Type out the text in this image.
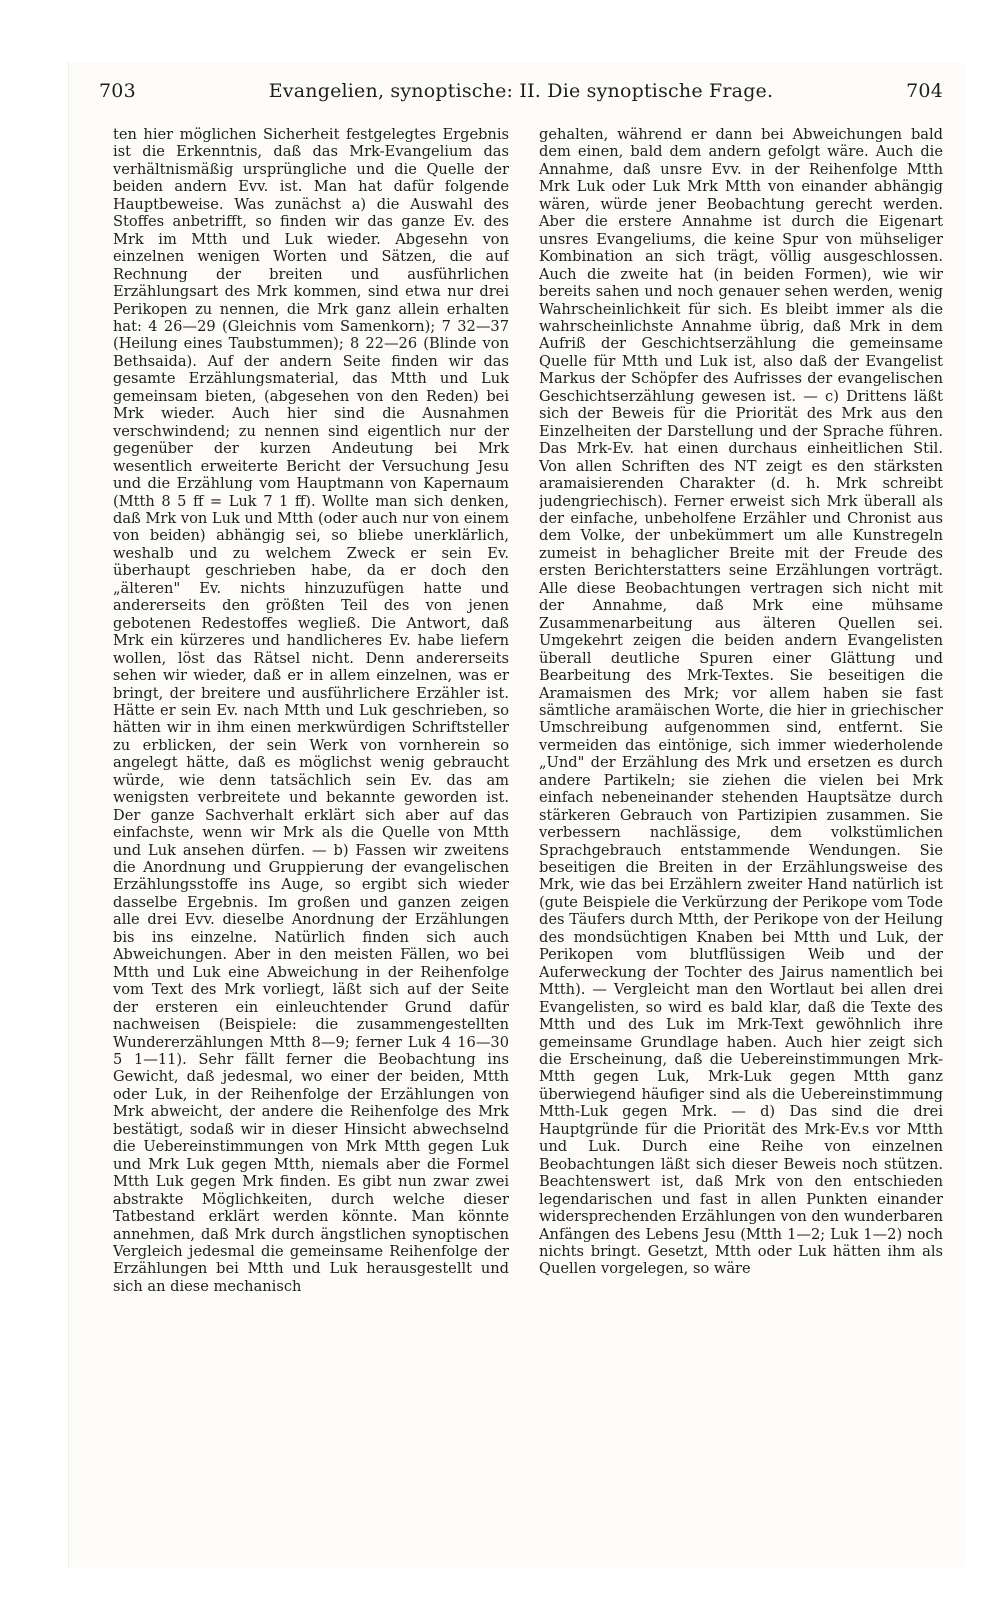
703	Evangelien, synoptische: II. Die synoptische Frage.	704

ten hier möglichen Sicherheit festgelegtes Ergebnis ist die Erkenntnis, daß das Mrk-Evangelium das verhältnismäßig ursprüngliche und die Quelle der beiden andern Evv. ist. Man hat dafür folgende Hauptbeweise. Was zunächst a) die Auswahl des Stoffes anbetrifft, so finden wir das ganze Ev. des Mrk im Mtth und Luk wieder. Abgesehn von einzelnen wenigen Worten und Sätzen, die auf Rechnung der breiten und ausführlichen Erzählungsart des Mrk kommen, sind etwa nur drei Perikopen zu nennen, die Mrk ganz allein erhalten hat: 4 26—29 (Gleichnis vom Samenkorn); 7 32—37 (Heilung eines Taubstummen); 8 22—26 (Blinde von Bethsaida). Auf der andern Seite finden wir das gesamte Erzählungsmaterial, das Mtth und Luk gemeinsam bieten, (abgesehen von den Reden) bei Mrk wieder. Auch hier sind die Ausnahmen verschwindend; zu nennen sind eigentlich nur der gegenüber der kurzen Andeutung bei Mrk wesentlich erweiterte Bericht der Versuchung Jesu und die Erzählung vom Hauptmann von Kapernaum (Mtth 8 5 ff = Luk 7 1 ff). Wollte man sich denken, daß Mrk von Luk und Mtth (oder auch nur von einem von beiden) abhängig sei, so bliebe unerklärlich, weshalb und zu welchem Zweck er sein Ev. überhaupt geschrieben habe, da er doch den „älteren" Ev. nichts hinzuzufügen hatte und andererseits den größten Teil des von jenen gebotenen Redestoffes wegließ. Die Antwort, daß Mrk ein kürzeres und handlicheres Ev. habe liefern wollen, löst das Rätsel nicht. Denn andererseits sehen wir wieder, daß er in allem einzelnen, was er bringt, der breitere und ausführlichere Erzähler ist. Hätte er sein Ev. nach Mtth und Luk geschrieben, so hätten wir in ihm einen merkwürdigen Schriftsteller zu erblicken, der sein Werk von vornherein so angelegt hätte, daß es möglichst wenig gebraucht würde, wie denn tatsächlich sein Ev. das am wenigsten verbreitete und bekannte geworden ist. Der ganze Sachverhalt erklärt sich aber auf das einfachste, wenn wir Mrk als die Quelle von Mtth und Luk ansehen dürfen. — b) Fassen wir zweitens die Anordnung und Gruppierung der evangelischen Erzählungsstoffe ins Auge, so ergibt sich wieder dasselbe Ergebnis. Im großen und ganzen zeigen alle drei Evv. dieselbe Anordnung der Erzählungen bis ins einzelne. Natürlich finden sich auch Abweichungen. Aber in den meisten Fällen, wo bei Mtth und Luk eine Abweichung in der Reihenfolge vom Text des Mrk vorliegt, läßt sich auf der Seite der ersteren ein einleuchtender Grund dafür nachweisen (Beispiele: die zusammengestellten Wundererzählungen Mtth 8—9; ferner Luk 4 16—30 5 1—11). Sehr fällt ferner die Beobachtung ins Gewicht, daß jedesmal, wo einer der beiden, Mtth oder Luk, in der Reihenfolge der Erzählungen von Mrk abweicht, der andere die Reihenfolge des Mrk bestätigt, sodaß wir in dieser Hinsicht abwechselnd die Uebereinstimmungen von Mrk Mtth gegen Luk und Mrk Luk gegen Mtth, niemals aber die Formel Mtth Luk gegen Mrk finden. Es gibt nun zwar zwei abstrakte Möglichkeiten, durch welche dieser Tatbestand erklärt werden könnte. Man könnte annehmen, daß Mrk durch ängstlichen synoptischen Vergleich jedesmal die gemeinsame Reihenfolge der Erzählungen bei Mtth und Luk herausgestellt und sich an diese mechanisch

gehalten, während er dann bei Abweichungen bald dem einen, bald dem andern gefolgt wäre. Auch die Annahme, daß unsre Evv. in der Reihenfolge Mtth Mrk Luk oder Luk Mrk Mtth von einander abhängig wären, würde jener Beobachtung gerecht werden. Aber die erstere Annahme ist durch die Eigenart unsres Evangeliums, die keine Spur von mühseliger Kombination an sich trägt, völlig ausgeschlossen. Auch die zweite hat (in beiden Formen), wie wir bereits sahen und noch genauer sehen werden, wenig Wahrscheinlichkeit für sich. Es bleibt immer als die wahrscheinlichste Annahme übrig, daß Mrk in dem Aufriß der Geschichtserzählung die gemeinsame Quelle für Mtth und Luk ist, also daß der Evangelist Markus der Schöpfer des Aufrisses der evangelischen Geschichtserzählung gewesen ist. — c) Drittens läßt sich der Beweis für die Priorität des Mrk aus den Einzelheiten der Darstellung und der Sprache führen. Das Mrk-Ev. hat einen durchaus einheitlichen Stil. Von allen Schriften des NT zeigt es den stärksten aramaisierenden Charakter (d. h. Mrk schreibt judengriechisch). Ferner erweist sich Mrk überall als der einfache, unbeholfene Erzähler und Chronist aus dem Volke, der unbekümmert um alle Kunstregeln zumeist in behaglicher Breite mit der Freude des ersten Berichterstatters seine Erzählungen vorträgt. Alle diese Beobachtungen vertragen sich nicht mit der Annahme, daß Mrk eine mühsame Zusammenarbeitung aus älteren Quellen sei. Umgekehrt zeigen die beiden andern Evangelisten überall deutliche Spuren einer Glättung und Bearbeitung des Mrk-Textes. Sie beseitigen die Aramaismen des Mrk; vor allem haben sie fast sämtliche aramäischen Worte, die hier in griechischer Umschreibung aufgenommen sind, entfernt. Sie vermeiden das eintönige, sich immer wiederholende „Und" der Erzählung des Mrk und ersetzen es durch andere Partikeln; sie ziehen die vielen bei Mrk einfach nebeneinander stehenden Hauptsätze durch stärkeren Gebrauch von Partizipien zusammen. Sie verbessern nachlässige, dem volkstümlichen Sprachgebrauch entstammende Wendungen. Sie beseitigen die Breiten in der Erzählungsweise des Mrk, wie das bei Erzählern zweiter Hand natürlich ist (gute Beispiele die Verkürzung der Perikope vom Tode des Täufers durch Mtth, der Perikope von der Heilung des mondsüchtigen Knaben bei Mtth und Luk, der Perikopen vom blutflüssigen Weib und der Auferweckung der Tochter des Jairus namentlich bei Mtth). — Vergleicht man den Wortlaut bei allen drei Evangelisten, so wird es bald klar, daß die Texte des Mtth und des Luk im Mrk-Text gewöhnlich ihre gemeinsame Grundlage haben. Auch hier zeigt sich die Erscheinung, daß die Uebereinstimmungen Mrk-Mtth gegen Luk, Mrk-Luk gegen Mtth ganz überwiegend häufiger sind als die Uebereinstimmung Mtth-Luk gegen Mrk. — d) Das sind die drei Hauptgründe für die Priorität des Mrk-Ev.s vor Mtth und Luk. Durch eine Reihe von einzelnen Beobachtungen läßt sich dieser Beweis noch stützen. Beachtenswert ist, daß Mrk von den entschieden legendarischen und fast in allen Punkten einander widersprechenden Erzählungen von den wunderbaren Anfängen des Lebens Jesu (Mtth 1—2; Luk 1—2) noch nichts bringt. Gesetzt, Mtth oder Luk hätten ihm als Quellen vorgelegen, so wäre
